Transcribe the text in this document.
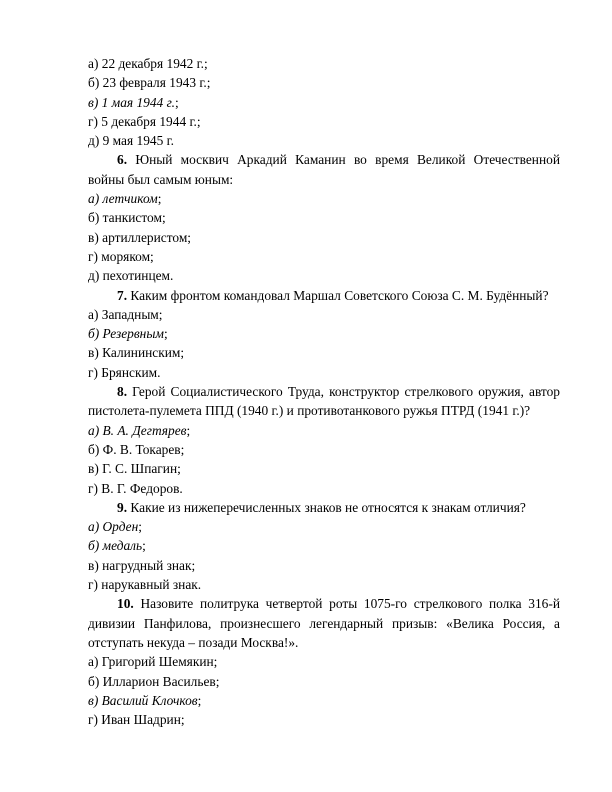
а) 22 декабря 1942 г.;

б) 23 февраля 1943 г.;

в) 1 мая 1944 г.;

г) 5 декабря 1944 г.;

д) 9 мая 1945 г.

6. Юный москвич Аркадий Каманин во время Великой Отечественной войны был самым юным:

а) летчиком;

б) танкистом;

в) артиллеристом;

г) моряком;

д) пехотинцем.

7. Каким фронтом командовал Маршал Советского Союза С. М. Будённый?

а) Западным;

б) Резервным;

в) Калининским;

г) Брянским.

8. Герой Социалистического Труда, конструктор стрелкового оружия, автор пистолета-пулемета ППД (1940 г.) и противотанкового ружья ПТРД (1941 г.)?

а) В. А. Дегтярев;

б) Ф. В. Токарев;

в) Г. С. Шпагин;

г) В. Г. Федоров.

9. Какие из нижеперечисленных знаков не относятся к знакам отличия?

а) Орден;

б) медаль;

в) нагрудный знак;

г) нарукавный знак.

10. Назовите политрука четвертой роты 1075-го стрелкового полка 316-й дивизии Панфилова, произнесшего легендарный призыв: «Велика Россия, а отступать некуда – позади Москва!».

а) Григорий Шемякин;

б) Илларион Васильев;

в) Василий Клочков;

г) Иван Шадрин;
